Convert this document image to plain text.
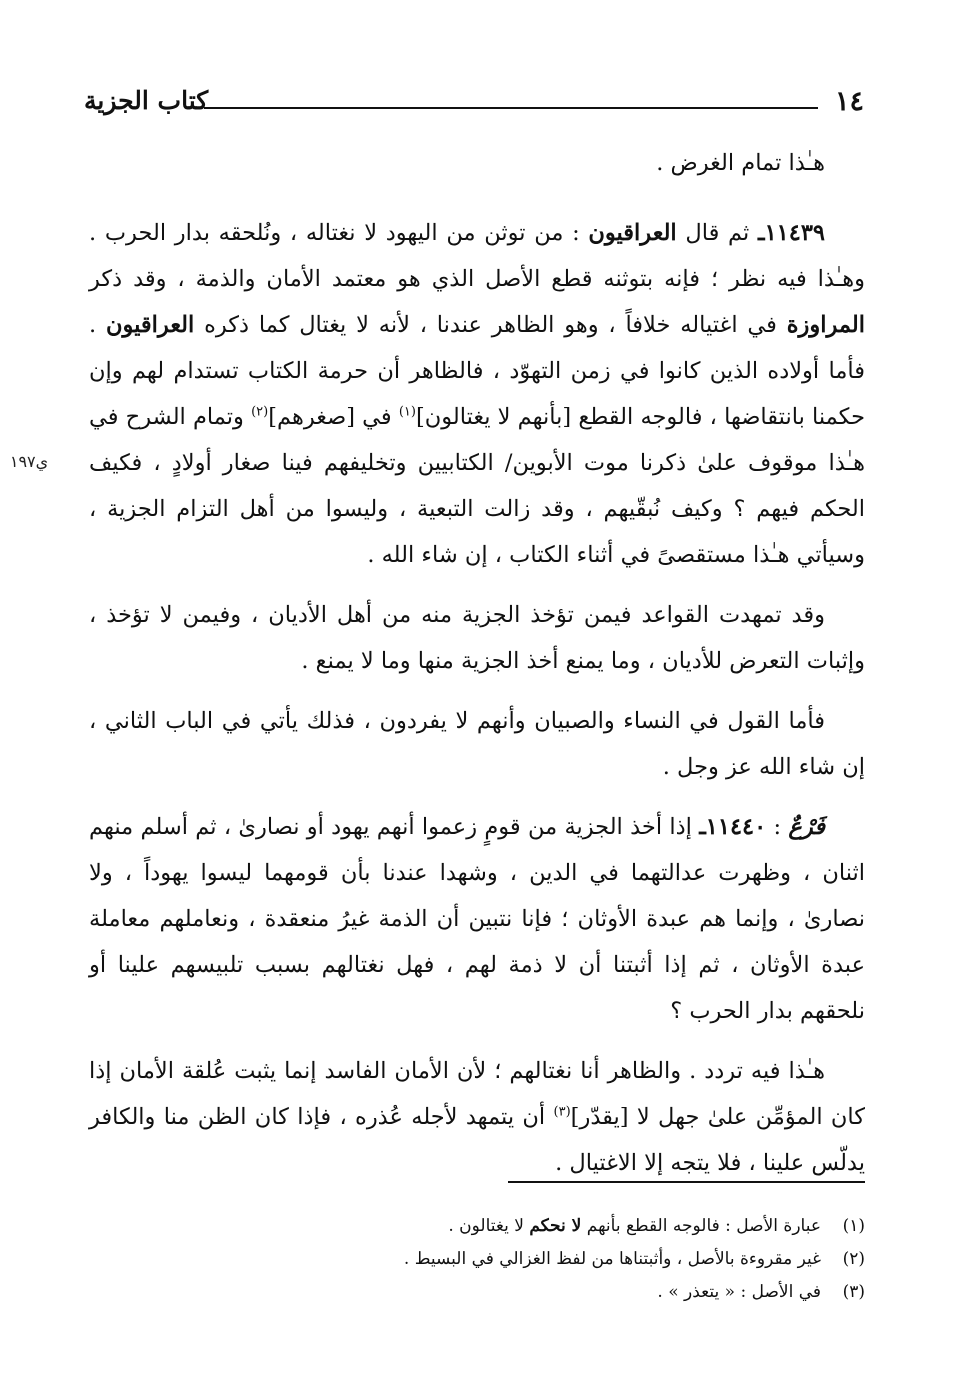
١٤
كتاب الجزية
ي١٩٧

هـٰذا تمام الغرض .

١١٤٣٩ـ ثم قال العراقيون : من توثن من اليهود لا نغتاله ، ونُلحقه بدار الحرب . وهـٰذا فيه نظر ؛ فإنه بتوثنه قطع الأصل الذي هو معتمد الأمان والذمة ، وقد ذكر المراوزة في اغتياله خلافاً ، وهو الظاهر عندنا ، لأنه لا يغتال كما ذكره العراقيون . فأما أولاده الذين كانوا في زمن التهوّد ، فالظاهر أن حرمة الكتاب تستدام لهم وإن حكمنا بانتقاضها ، فالوجه القطع [بأنهم لا يغتالون]$^{(١)}$ في [صغرهم]$^{(٢)}$ وتمام الشرح في هـٰذا موقوف علىٰ ذكرنا موت الأبوين/ الكتابيين وتخليفهم فينا صغار أولادٍ ، فكيف الحكم فيهم ؟ وكيف نُبقّيهم ، وقد زالت التبعية ، وليسوا من أهل التزام الجزية ، وسيأتي هـٰذا مستقصىً في أثناء الكتاب ، إن شاء الله .

وقد تمهدت القواعد فيمن تؤخذ الجزية منه من أهل الأديان ، وفيمن لا تؤخذ ، وإثبات التعرض للأديان ، وما يمنع أخذ الجزية منها وما لا يمنع .

فأما القول في النساء والصبيان وأنهم لا يفردون ، فذلك يأتي في الباب الثاني ، إن شاء الله عز وجل .

فَرْعٌ : ١١٤٤٠ـ إذا أخذ الجزية من قومٍ زعموا أنهم يهود أو نصارىٰ ، ثم أسلم منهم اثنان ، وظهرت عدالتهما في الدين ، وشهدا عندنا بأن قومهما ليسوا يهوداً ، ولا نصارىٰ ، وإنما هم عبدة الأوثان ؛ فإنا نتبين أن الذمة غيرُ منعقدة ، ونعاملهم معاملة عبدة الأوثان ، ثم إذا أثبتنا أن لا ذمة لهم ، فهل نغتالهم بسبب تلبيسهم علينا أو نلحقهم بدار الحرب ؟

هـٰذا فيه تردد . والظاهر أنا نغتالهم ؛ لأن الأمان الفاسد إنما يثبت عُلقة الأمان إذا كان المؤمِّن علىٰ جهل لا [يقدّر]$^{(٣)}$ أن يتمهد لأجله عُذره ، فإذا كان الظن منا والكافر يدلّس علينا ، فلا يتجه إلا الاغتيال .

(١)عبارة الأصل : فالوجه القطع بأنهم لا نحكم لا يغتالون .

(٢)غير مقروءة بالأصل ، وأثبتناها من لفظ الغزالي في البسيط .

(٣)في الأصل : « يتعذر » .
